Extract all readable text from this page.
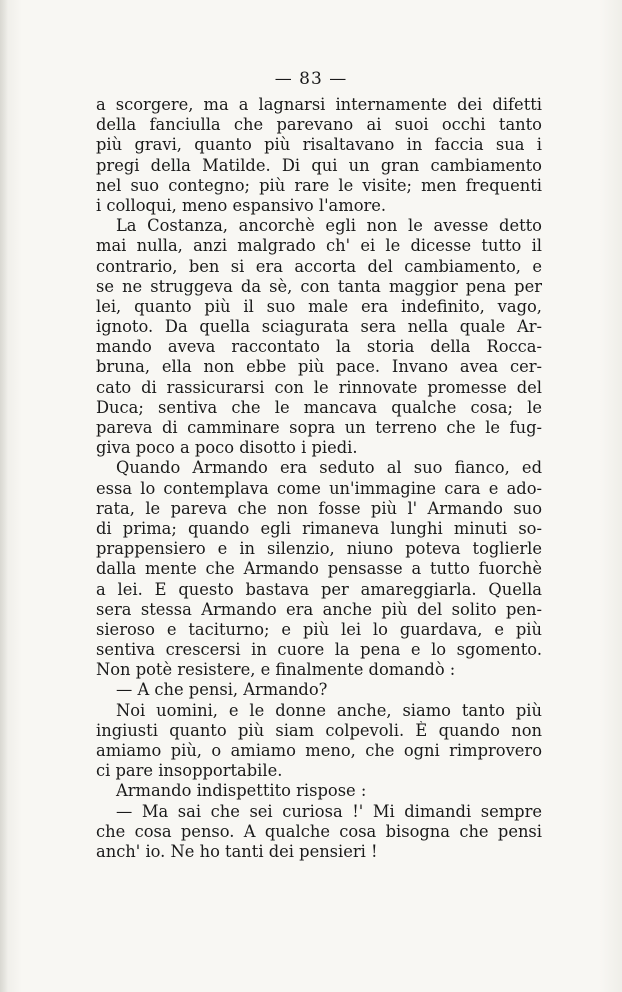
— 83 —
a scorgere, ma a lagnarsi internamente dei difetti
della fanciulla che parevano ai suoi occhi tanto
più gravi, quanto più risaltavano in faccia sua i
pregi della Matilde. Di qui un gran cambiamento
nel suo contegno; più rare le visite; men frequenti
i colloqui, meno espansivo l'amore.
La Costanza, ancorchè egli non le avesse detto
mai nulla, anzi malgrado ch' ei le dicesse tutto il
contrario, ben si era accorta del cambiamento, e
se ne struggeva da sè, con tanta maggior pena per
lei, quanto più il suo male era indefinito, vago,
ignoto. Da quella sciagurata sera nella quale Ar-
mando aveva raccontato la storia della Rocca-
bruna, ella non ebbe più pace. Invano avea cer-
cato di rassicurarsi con le rinnovate promesse del
Duca; sentiva che le mancava qualche cosa; le
pareva di camminare sopra un terreno che le fug-
giva poco a poco disotto i piedi.
Quando Armando era seduto al suo fianco, ed
essa lo contemplava come un'immagine cara e ado-
rata, le pareva che non fosse più l' Armando suo
di prima; quando egli rimaneva lunghi minuti so-
prappensiero e in silenzio, niuno poteva toglierle
dalla mente che Armando pensasse a tutto fuorchè
a lei. E questo bastava per amareggiarla. Quella
sera stessa Armando era anche più del solito pen-
sieroso e taciturno; e più lei lo guardava, e più
sentiva crescersi in cuore la pena e lo sgomento.
Non potè resistere, e finalmente domandò :
— A che pensi, Armando?
Noi uomini, e le donne anche, siamo tanto più
ingiusti quanto più siam colpevoli. È quando non
amiamo più, o amiamo meno, che ogni rimprovero
ci pare insopportabile.
Armando indispettito rispose :
— Ma sai che sei curiosa !' Mi dimandi sempre
che cosa penso. A qualche cosa bisogna che pensi
anch' io. Ne ho tanti dei pensieri !
